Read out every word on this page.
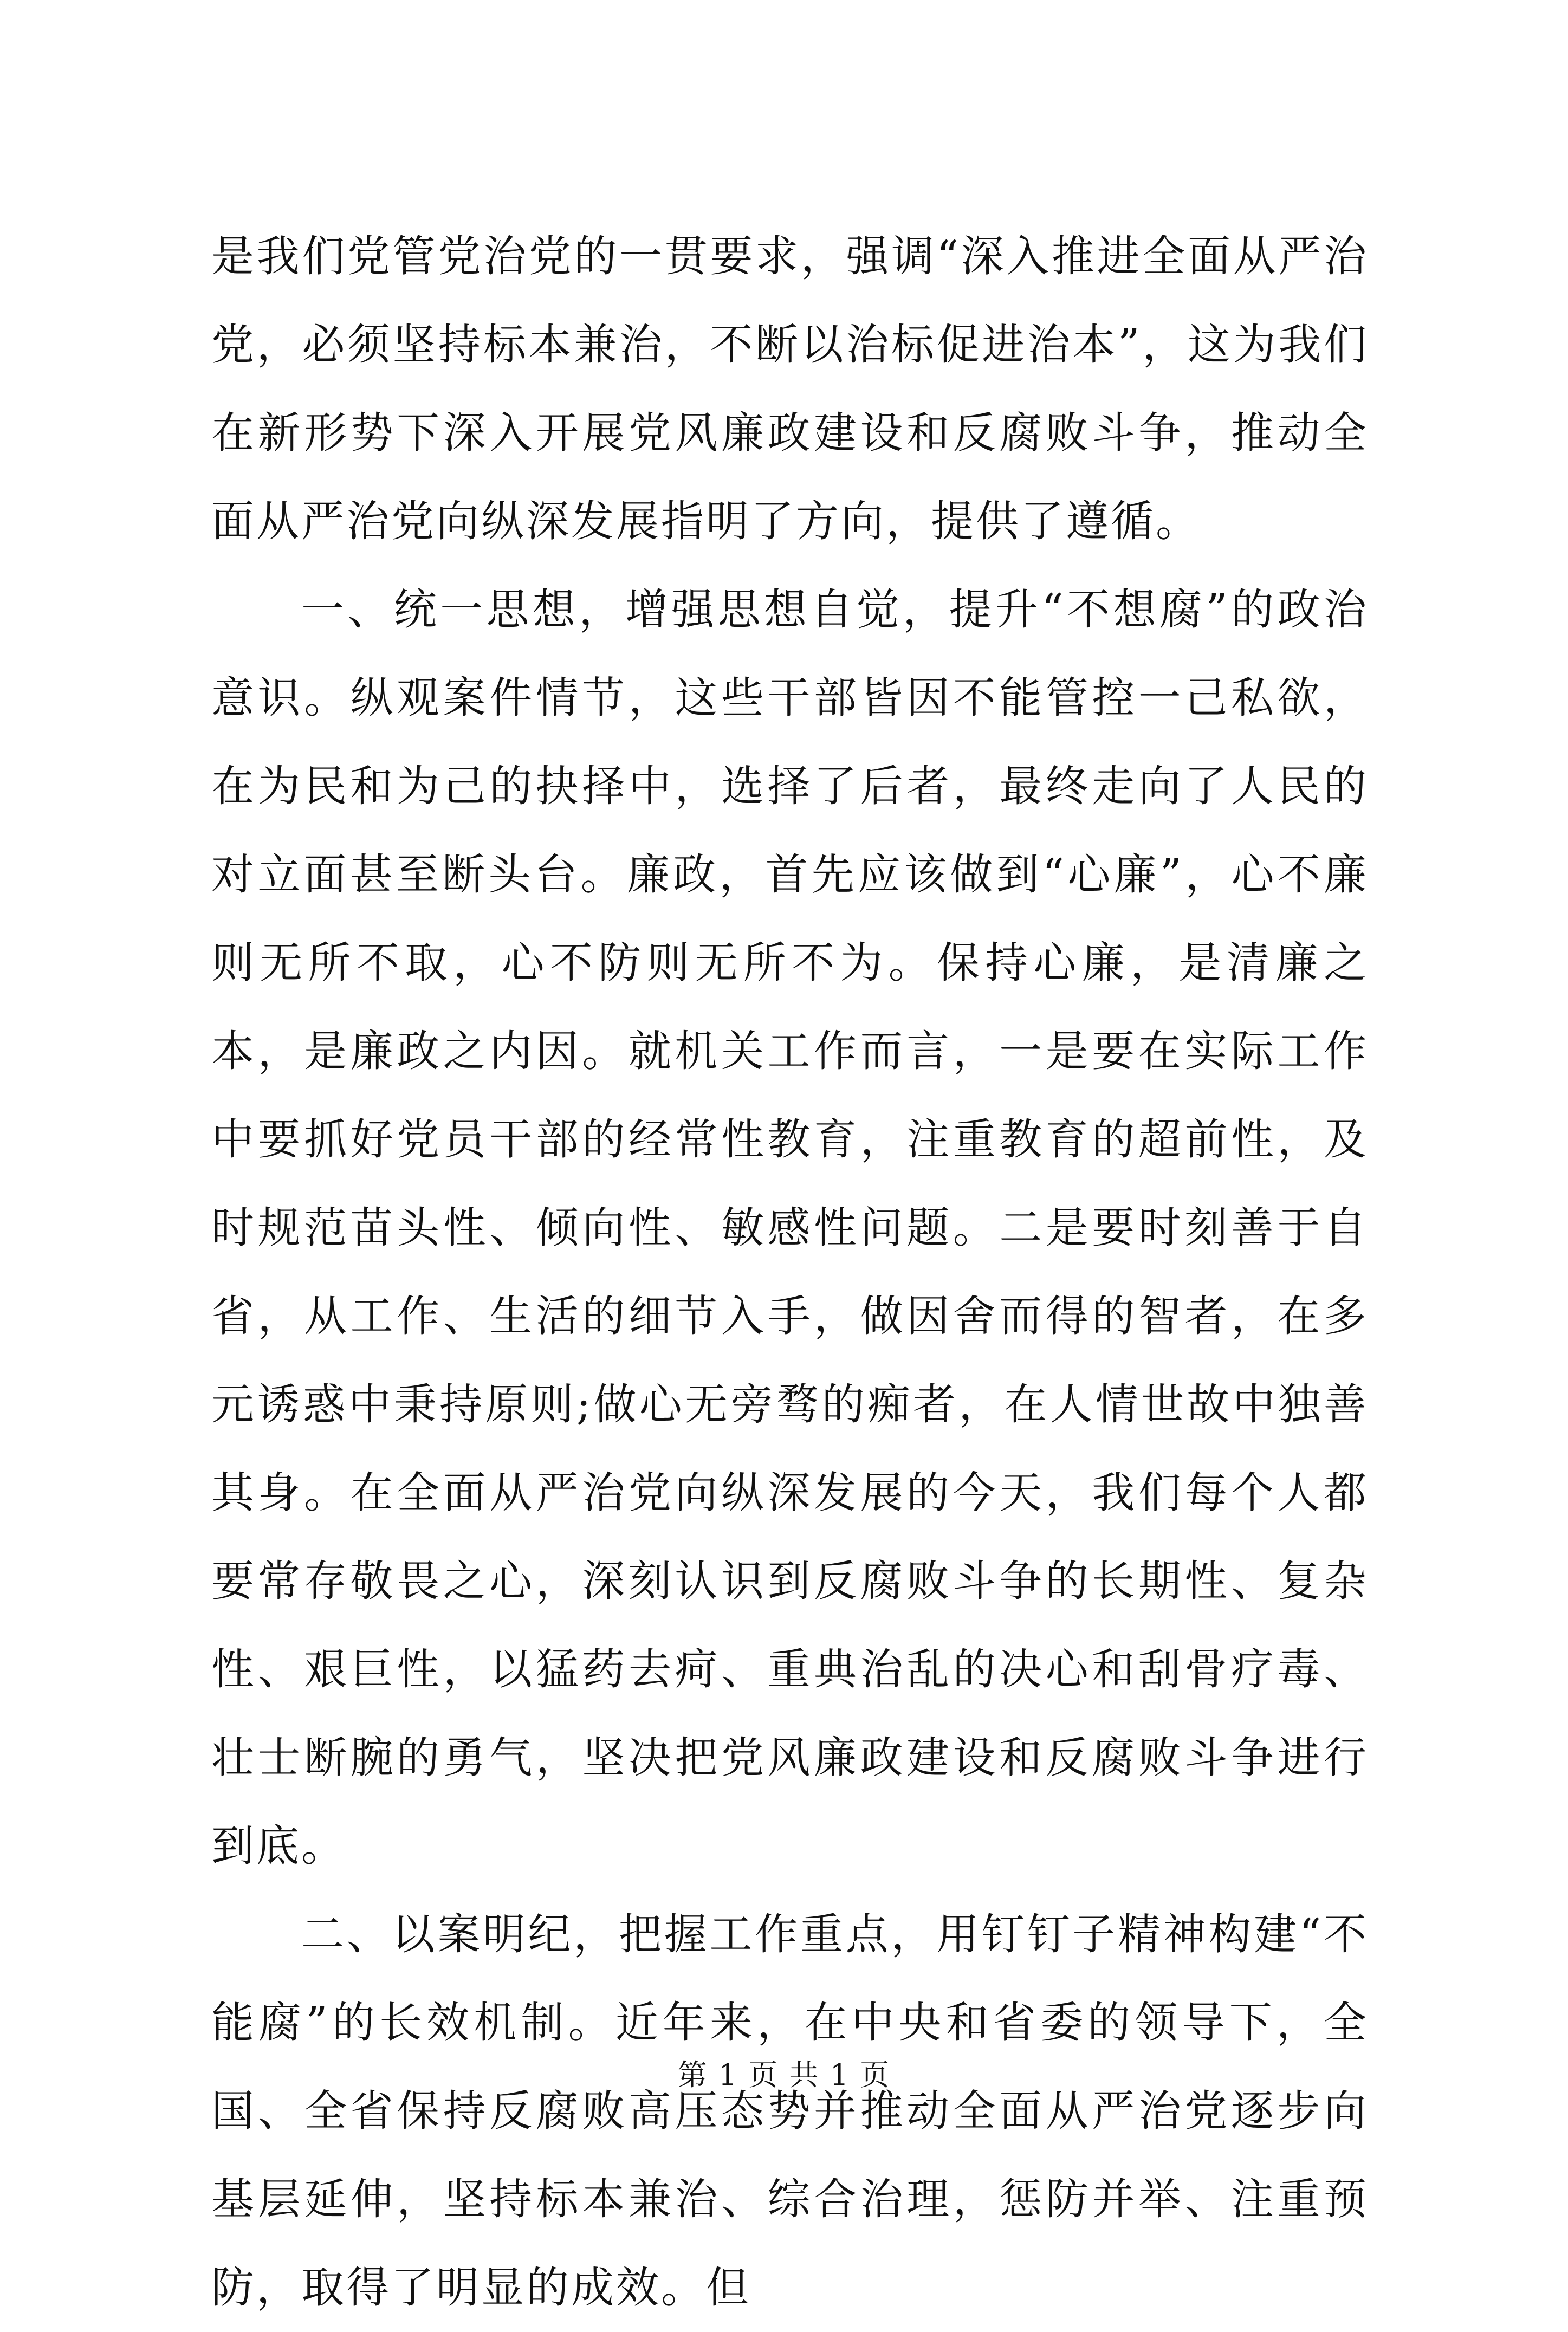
是我们党管党治党的一贯要求，强调“深入推进全面从严治党，必须坚持标本兼治，不断以治标促进治本”，这为我们在新形势下深入开展党风廉政建设和反腐败斗争，推动全面从严治党向纵深发展指明了方向，提供了遵循。

一、统一思想，增强思想自觉，提升“不想腐”的政治意识。纵观案件情节，这些干部皆因不能管控一己私欲，在为民和为己的抉择中，选择了后者，最终走向了人民的对立面甚至断头台。廉政，首先应该做到“心廉”，心不廉则无所不取，心不防则无所不为。保持心廉，是清廉之本，是廉政之内因。就机关工作而言，一是要在实际工作中要抓好党员干部的经常性教育，注重教育的超前性，及时规范苗头性、倾向性、敏感性问题。二是要时刻善于自省，从工作、生活的细节入手，做因舍而得的智者，在多元诱惑中秉持原则;做心无旁骛的痴者，在人情世故中独善其身。在全面从严治党向纵深发展的今天，我们每个人都要常存敬畏之心，深刻认识到反腐败斗争的长期性、复杂性、艰巨性，以猛药去疴、重典治乱的决心和刮骨疗毒、壮士断腕的勇气，坚决把党风廉政建设和反腐败斗争进行到底。

二、以案明纪，把握工作重点，用钉钉子精神构建“不能腐”的长效机制。近年来，在中央和省委的领导下，全国、全省保持反腐败高压态势并推动全面从严治党逐步向基层延伸，坚持标本兼治、综合治理，惩防并举、注重预防，取得了明显的成效。但

第 1 页 共 1 页
